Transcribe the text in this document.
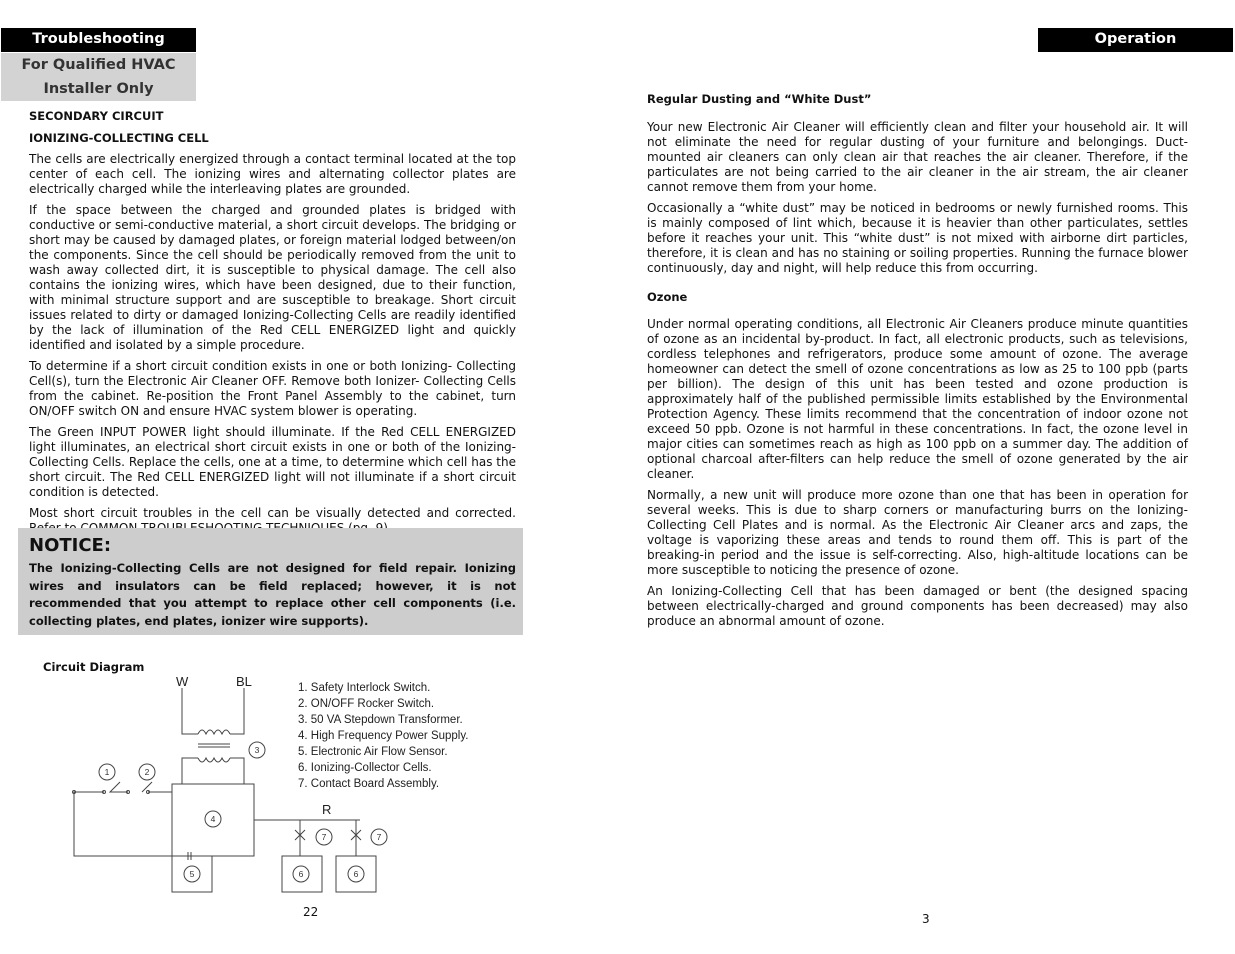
Troubleshooting
For Qualified HVAC
Installer Only
SECONDARY CIRCUIT
IONIZING-COLLECTING CELL

The cells are electrically energized through a contact terminal located at the top center of each cell. The ionizing wires and alternating collector plates are electrically charged while the interleaving plates are grounded.

If the space between the charged and grounded plates is bridged with conductive or semi-conductive material, a short circuit develops. The bridging or short may be caused by damaged plates, or foreign material lodged between/on the components. Since the cell should be periodically removed from the unit to wash away collected dirt, it is susceptible to physical damage. The cell also contains the ionizing wires, which have been designed, due to their function, with minimal structure support and are susceptible to breakage. Short circuit issues related to dirty or damaged Ionizing-Collecting Cells are readily identified by the lack of illumination of the Red CELL ENERGIZED light and quickly identified and isolated by a simple procedure.

To determine if a short circuit condition exists in one or both Ionizing- Collecting Cell(s), turn the Electronic Air Cleaner OFF. Remove both Ionizer- Collecting Cells from the cabinet. Re-position the Front Panel Assembly to the cabinet, turn ON/OFF switch ON and ensure HVAC system blower is operating.

The Green INPUT POWER light should illuminate. If the Red CELL ENERGIZED light illuminates, an electrical short circuit exists in one or both of the Ionizing-Collecting Cells. Replace the cells, one at a time, to determine which cell has the short circuit. The Red CELL ENERGIZED light will not illuminate if a short circuit condition is detected.

Most short circuit troubles in the cell can be visually detected and corrected.

NOTICE:
The Ionizing-Collecting Cells are not designed for field repair. Ionizing wires and insulators can be field replaced; however, it is not recommended that you attempt to replace other cell components (i.e. collecting plates, end plates, ionizer wire supports).
Circuit Diagram
3
2
1
4
5	6	6
7	7
W	BL
R
1. Safety Interlock Switch.
2. ON/OFF Rocker Switch.
3. 50 VA Stepdown Transformer.
4. High Frequency Power Supply.
5. Electronic Air Flow Sensor.
6. Ionizing-Collector Cells.
7. Contact Board Assembly.
22
Operation
Regular Dusting and “White Dust”

Your new Electronic Air Cleaner will efficiently clean and filter your household air. It will not eliminate the need for regular dusting of your furniture and belongings. Duct-mounted air cleaners can only clean air that reaches the air cleaner. Therefore, if the particulates are not being carried to the air cleaner in the air stream, the air cleaner cannot remove them from your home.

Occasionally a “white dust” may be noticed in bedrooms or newly furnished rooms. This is mainly composed of lint which, because it is heavier than other particulates, settles before it reaches your unit. This “white dust” is not mixed with airborne dirt particles, therefore, it is clean and has no staining or soiling properties. Running the furnace blower continuously, day and night, will help reduce this from occurring.

Ozone

Under normal operating conditions, all Electronic Air Cleaners produce minute quantities of ozone as an incidental by-product. In fact, all electronic products, such as televisions, cordless telephones and refrigerators, produce some amount of ozone. The average homeowner can detect the smell of ozone concentrations as low as 25 to 100 ppb (parts per billion). The design of this unit has been tested and ozone production is approximately half of the published permissible limits established by the Environmental Protection Agency. These limits recommend that the concentration of indoor ozone not exceed 50 ppb. Ozone is not harmful in these concentrations. In fact, the ozone level in major cities can sometimes reach as high as 100 ppb on a summer day. The addition of optional charcoal after-filters can help reduce the smell of ozone generated by the air cleaner.

Normally, a new unit will produce more ozone than one that has been in operation for several weeks. This is due to sharp corners or manufacturing burrs on the Ionizing-Collecting Cell Plates and is normal. As the Electronic Air Cleaner arcs and zaps, the voltage is vaporizing these areas and tends to round them off. This is part of the breaking-in period and the issue is self-correcting. Also, high-altitude locations can be more susceptible to noticing the presence of ozone.

An Ionizing-Collecting Cell that has been damaged or bent (the designed spacing between electrically-charged and ground components has been decreased) may also produce an abnormal amount of ozone.

3
